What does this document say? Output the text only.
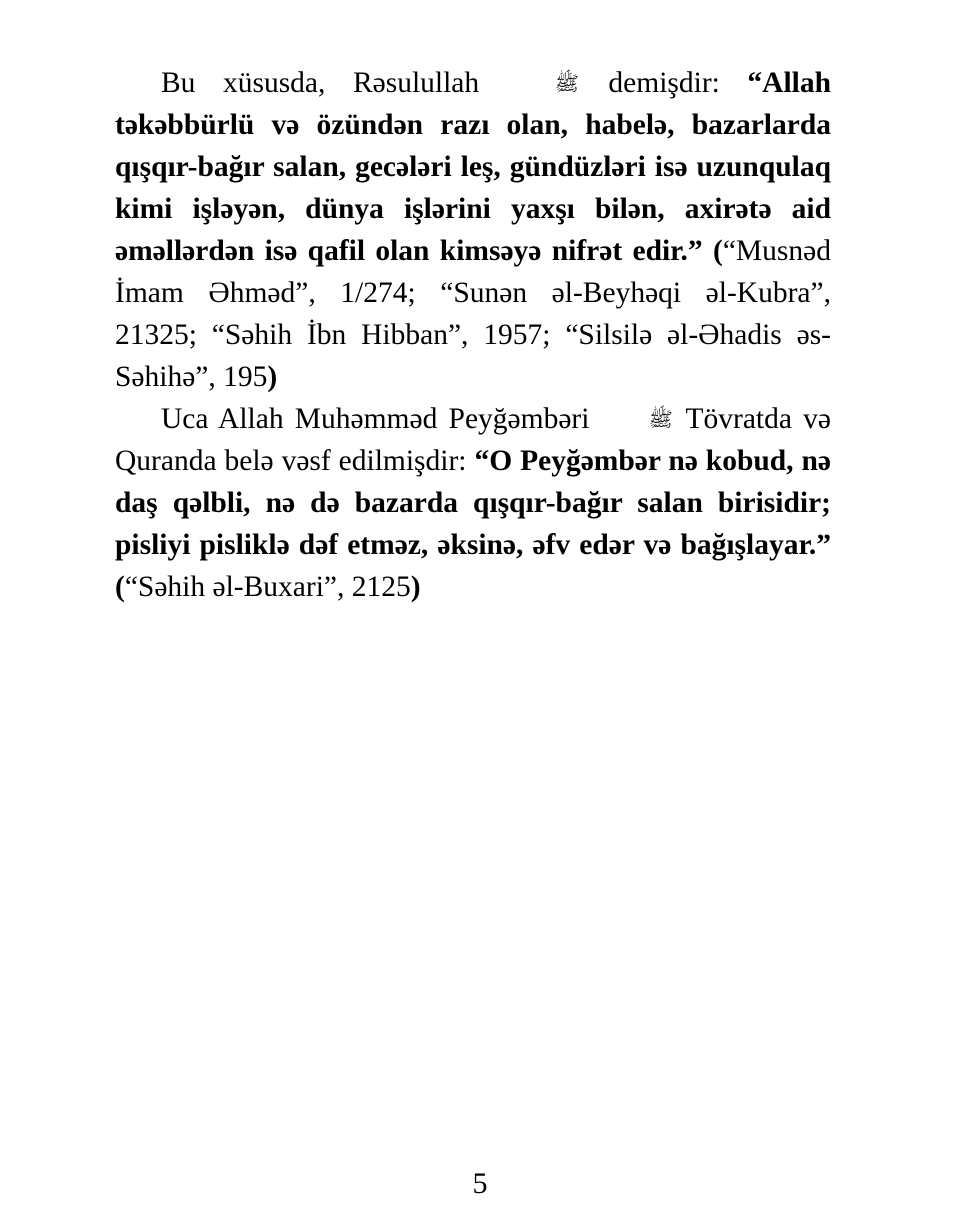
Bu xüsusda, Rəsulullah	ﷺ demişdir: “Allah təkəbbürlü və özündən razı olan, habelə, bazarlarda qışqır-bağır salan, gecələri leş, gündüzləri isə uzunqulaq kimi işləyən, dünya işlərini yaxşı bilən, axirətə aid əməllərdən isə qafil olan kimsəyə nifrət edir.” (“Musnəd İmam Əhməd”, 1/274; “Sunən əl-Beyhəqi əl-Kubra”, 21325; “Səhih İbn Hibban”, 1957; “Silsilə əl-Əhadis əs-Səhihə”, 195)

Uca Allah Muhəmməd Peyğəmbəri	ﷺ Tövratda və Quranda belə vəsf edilmişdir: “O Peyğəmbər nə kobud, nə daş qəlbli, nə də bazarda qışqır-bağır salan birisidir; pisliyi pisliklə dəf etməz, əksinə, əfv edər və bağışlayar.” (“Səhih əl-Buxari”, 2125)

5
